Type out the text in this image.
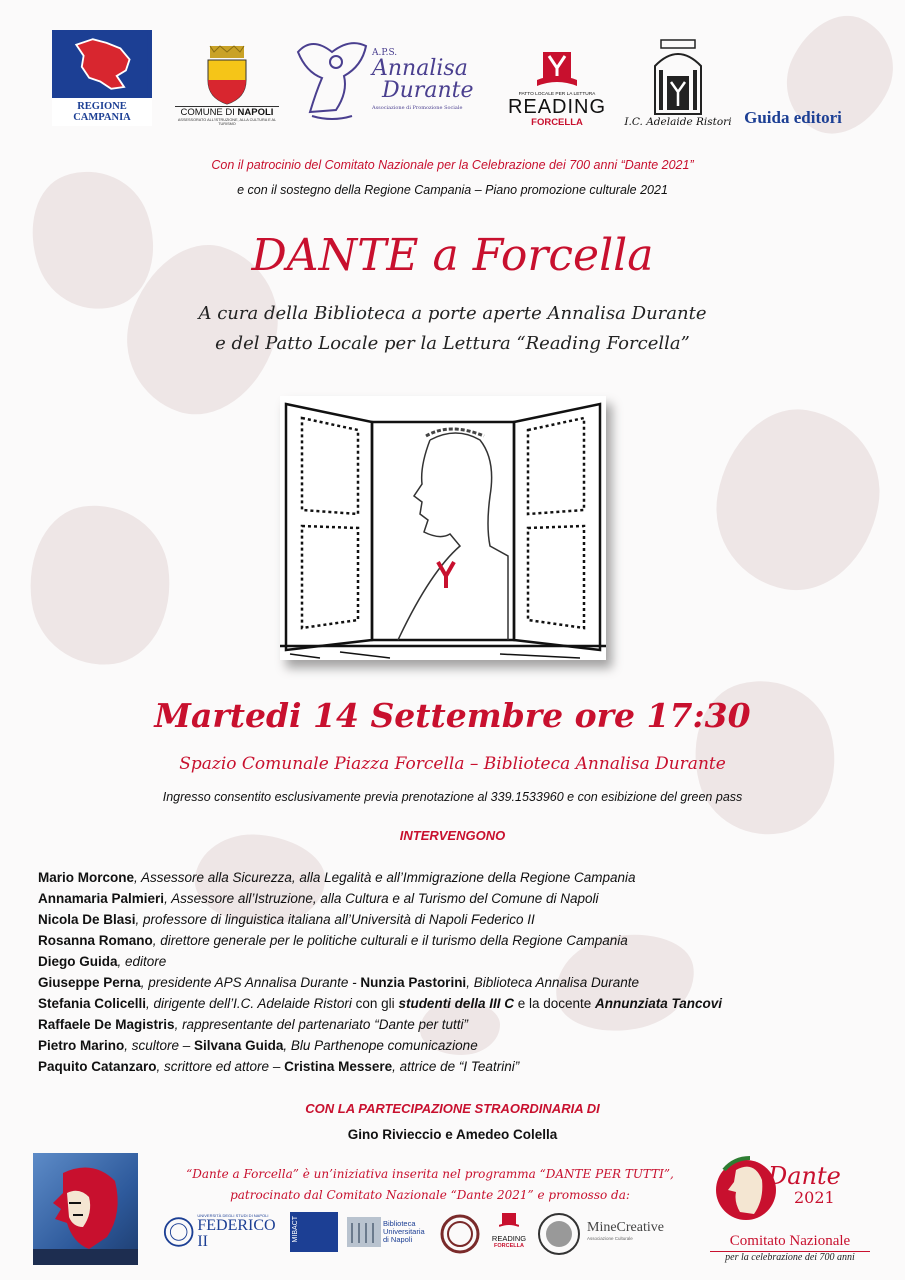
REGIONE CAMPANIA	COMUNE DI NAPOLI
ASSESSORATO ALL'ISTRUZIONE, ALLA CULTURA E AL TURISMO
A.P.S.
Annalisa
Durante
Associazione di Promozione Sociale
PATTO LOCALE PER LA LETTURA
READING
FORCELLA	I.C. Adelaide Ristori Guida editori
Con il patrocinio del Comitato Nazionale per la Celebrazione dei 700 anni “Dante 2021”
e con il sostegno della Regione Campania – Piano promozione culturale 2021
DANTE a Forcella
A cura della Biblioteca a porte aperte Annalisa Durante
e del Patto Locale per la Lettura “Reading Forcella”
Martedi 14 Settembre ore 17:30
Spazio Comunale Piazza Forcella – Biblioteca Annalisa Durante
Ingresso consentito esclusivamente previa prenotazione al 339.1533960 e con esibizione del green pass
INTERVENGONO
Mario Morcone, Assessore alla Sicurezza, alla Legalità e all’Immigrazione della Regione Campania
Annamaria Palmieri, Assessore all’Istruzione, alla Cultura e al Turismo del Comune di Napoli
Nicola De Blasi, professore di linguistica italiana all’Università di Napoli Federico II
Rosanna Romano, direttore generale per le politiche culturali e il turismo della Regione Campania
Diego Guida, editore
Giuseppe Perna, presidente APS Annalisa Durante - Nunzia Pastorini, Biblioteca Annalisa Durante
Stefania Colicelli, dirigente dell’I.C. Adelaide Ristori con gli studenti della III C e la docente Annunziata Tancovi
Raffaele De Magistris, rappresentante del partenariato “Dante per tutti”
Pietro Marino, scultore – Silvana Guida, Blu Parthenope comunicazione
Paquito Catanzaro, scrittore ed attore – Cristina Messere, attrice de “I Teatrini”
CON LA PARTECIPAZIONE STRAORDINARIA DI
Gino Rivieccio e Amedeo Colella
“Dante a Forcella” è un’iniziativa inserita nel programma “DANTE PER TUTTI”,
patrocinato dal Comitato Nazionale “Dante 2021” e promosso da:
UNIVERSITÀ DEGLI STUDI DI NAPOLI
FEDERICO II	MIBACT	Biblioteca
Universitaria
di Napoli	READING
FORCELLA
MineCreative
Associazione Culturale
Dante
2021
Comitato Nazionale
per la celebrazione dei 700 anni
